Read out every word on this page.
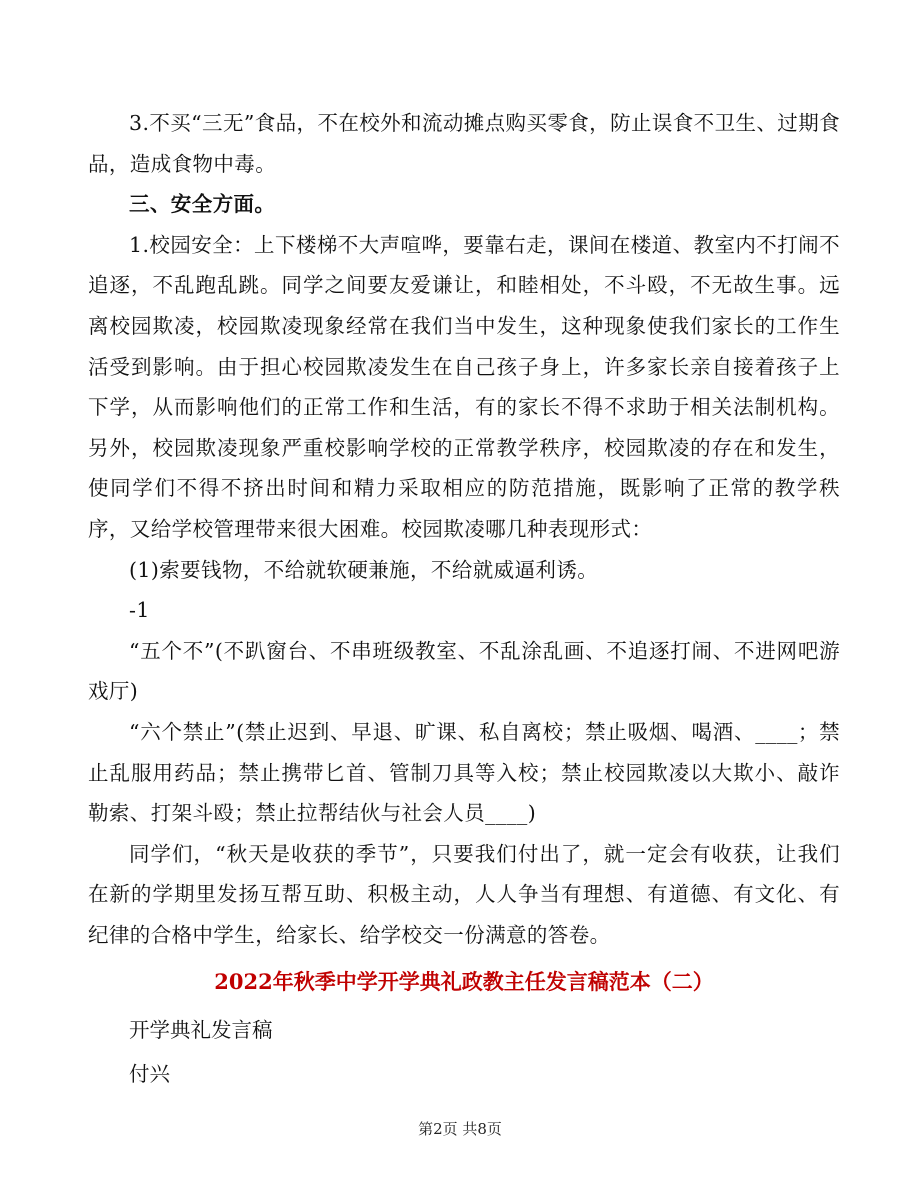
3.不买“三无”食品，不在校外和流动摊点购买零食，防止误食不卫生、过期食品，造成食物中毒。

三、安全方面。

1.校园安全：上下楼梯不大声喧哗，要靠右走，课间在楼道、教室内不打闹不追逐，不乱跑乱跳。同学之间要友爱谦让，和睦相处，不斗殴，不无故生事。远离校园欺凌，校园欺凌现象经常在我们当中发生，这种现象使我们家长的工作生活受到影响。由于担心校园欺凌发生在自己孩子身上，许多家长亲自接着孩子上下学，从而影响他们的正常工作和生活，有的家长不得不求助于相关法制机构。另外，校园欺凌现象严重校影响学校的正常教学秩序，校园欺凌的存在和发生，使同学们不得不挤出时间和精力采取相应的防范措施，既影响了正常的教学秩序，又给学校管理带来很大困难。校园欺凌哪几种表现形式：

(1)索要钱物，不给就软硬兼施，不给就威逼利诱。

-1

“五个不”(不趴窗台、不串班级教室、不乱涂乱画、不追逐打闹、不进网吧游戏厅)

“六个禁止”(禁止迟到、早退、旷课、私自离校；禁止吸烟、喝酒、____；禁止乱服用药品；禁止携带匕首、管制刀具等入校；禁止校园欺凌以大欺小、敲诈勒索、打架斗殴；禁止拉帮结伙与社会人员____)

同学们，“秋天是收获的季节”，只要我们付出了，就一定会有收获，让我们在新的学期里发扬互帮互助、积极主动，人人争当有理想、有道德、有文化、有纪律的合格中学生，给家长、给学校交一份满意的答卷。

2022年秋季中学开学典礼政教主任发言稿范本（二）

开学典礼发言稿

付兴

第2页 共8页
